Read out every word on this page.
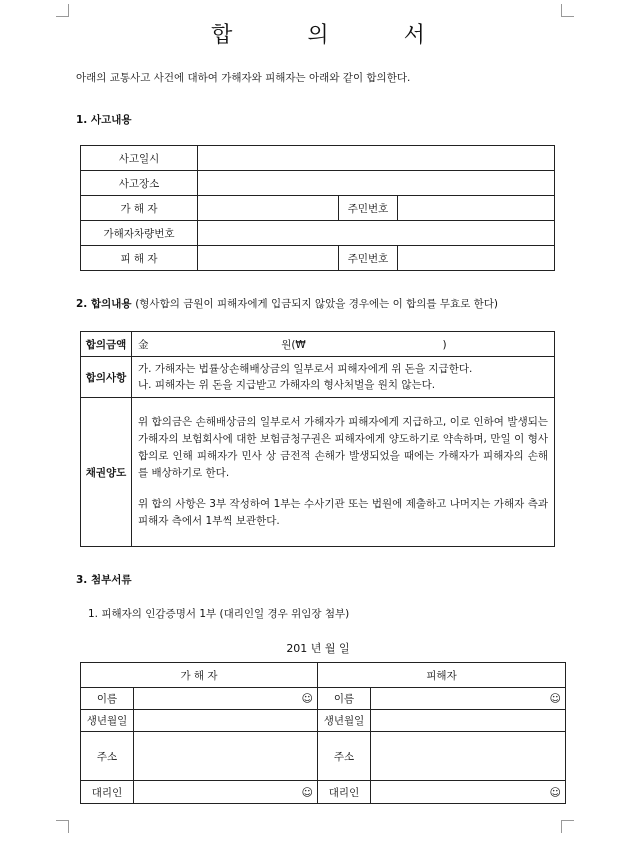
합 의 서
아래의 교통사고 사건에 대하여 가해자와 피해자는 아래와 같이 합의한다.
1. 사고내용
사고일시			
사고장소			
가 해 자		주민번호	
가해자차량번호			
피 해 자		주민번호	
2. 합의내용 (형사합의 금원이 피해자에게 입금되지 않았을 경우에는 이 합의를 무효로 한다)
합의금액	金 원(₩ )
합의사항	가. 가해자는 법률상손해배상금의 일부로서 피해자에게 위 돈을 지급한다.
나. 피해자는 위 돈을 지급받고 가해자의 형사처벌을 원치 않는다.

채권양도	위 합의금은 손해배상금의 일부로서 가해자가 피해자에게 지급하고, 이로 인하여 발생되는 가해자의 보험회사에 대한 보험금청구권은 피해자에게 양도하기로 약속하며, 만일 이 형사합의로 인해 피해자가 민사 상 금전적 손해가 발생되었을 때에는 가해자가 피해자의 손해를 배상하기로 한다.
위 합의 사항은 3부 작성하여 1부는 수사기관 또는 법원에 제출하고 나머지는 가해자 측과 피해자 측에서 1부씩 보관한다.
3. 첨부서류
1. 피해자의 인감증명서 1부 (대리인일 경우 위임장 첨부)
201 년 월 일
가 해 자		피해자	
이름	☺	이름	☺
생년월일		생년월일	
주소		주소	
대리인	☺	대리인	☺
